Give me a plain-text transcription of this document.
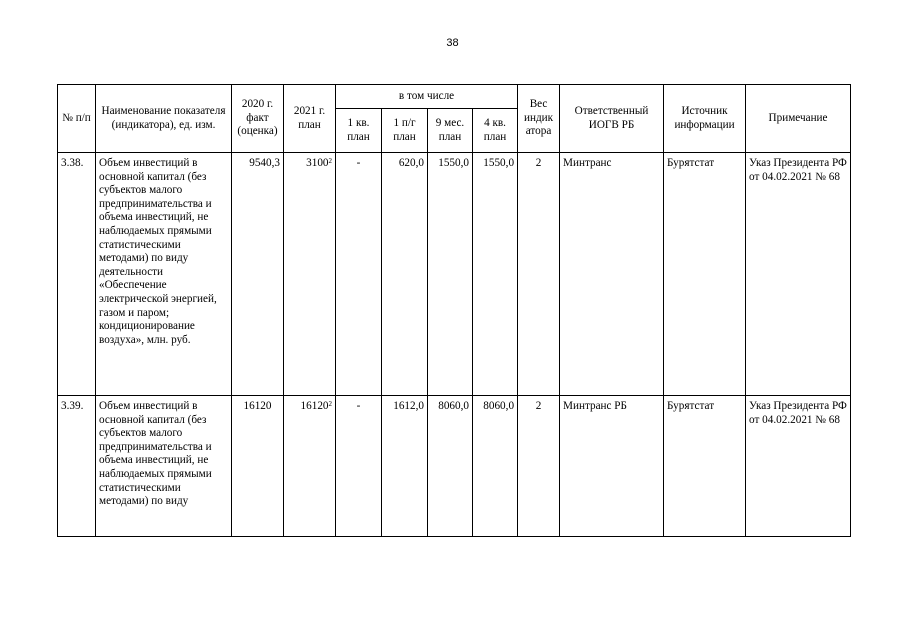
38
№ п/п	Наименование показателя (индикатора), ед. изм.	2020 г. факт (оценка)	2021 г. план	в том числе				Вес индик атора	Ответственный ИОГВ РБ	Источник информации	Примечание
				1 кв. план	1 п/г план	9 мес. план	4 кв. план				
3.38.	Объем инвестиций в основной капитал (без субъектов малого предпринимательства и объема инвестиций, не наблюдаемых прямыми статистическими методами) по виду деятельности «Обеспечение электрической энергией, газом и паром; кондиционирование воздуха», млн. руб.	9540,3	3100$^2$	-	620,0	1550,0	1550,0	2	Минтранс	Бурятстат	Указ Президента РФ от 04.02.2021 № 68
3.39.	Объем инвестиций в основной капитал (без субъектов малого предпринимательства и объема инвестиций, не наблюдаемых прямыми статистическими методами) по виду	16120	16120$^2$	-	1612,0	8060,0	8060,0	2	Минтранс РБ	Бурятстат	Указ Президента РФ от 04.02.2021 № 68
